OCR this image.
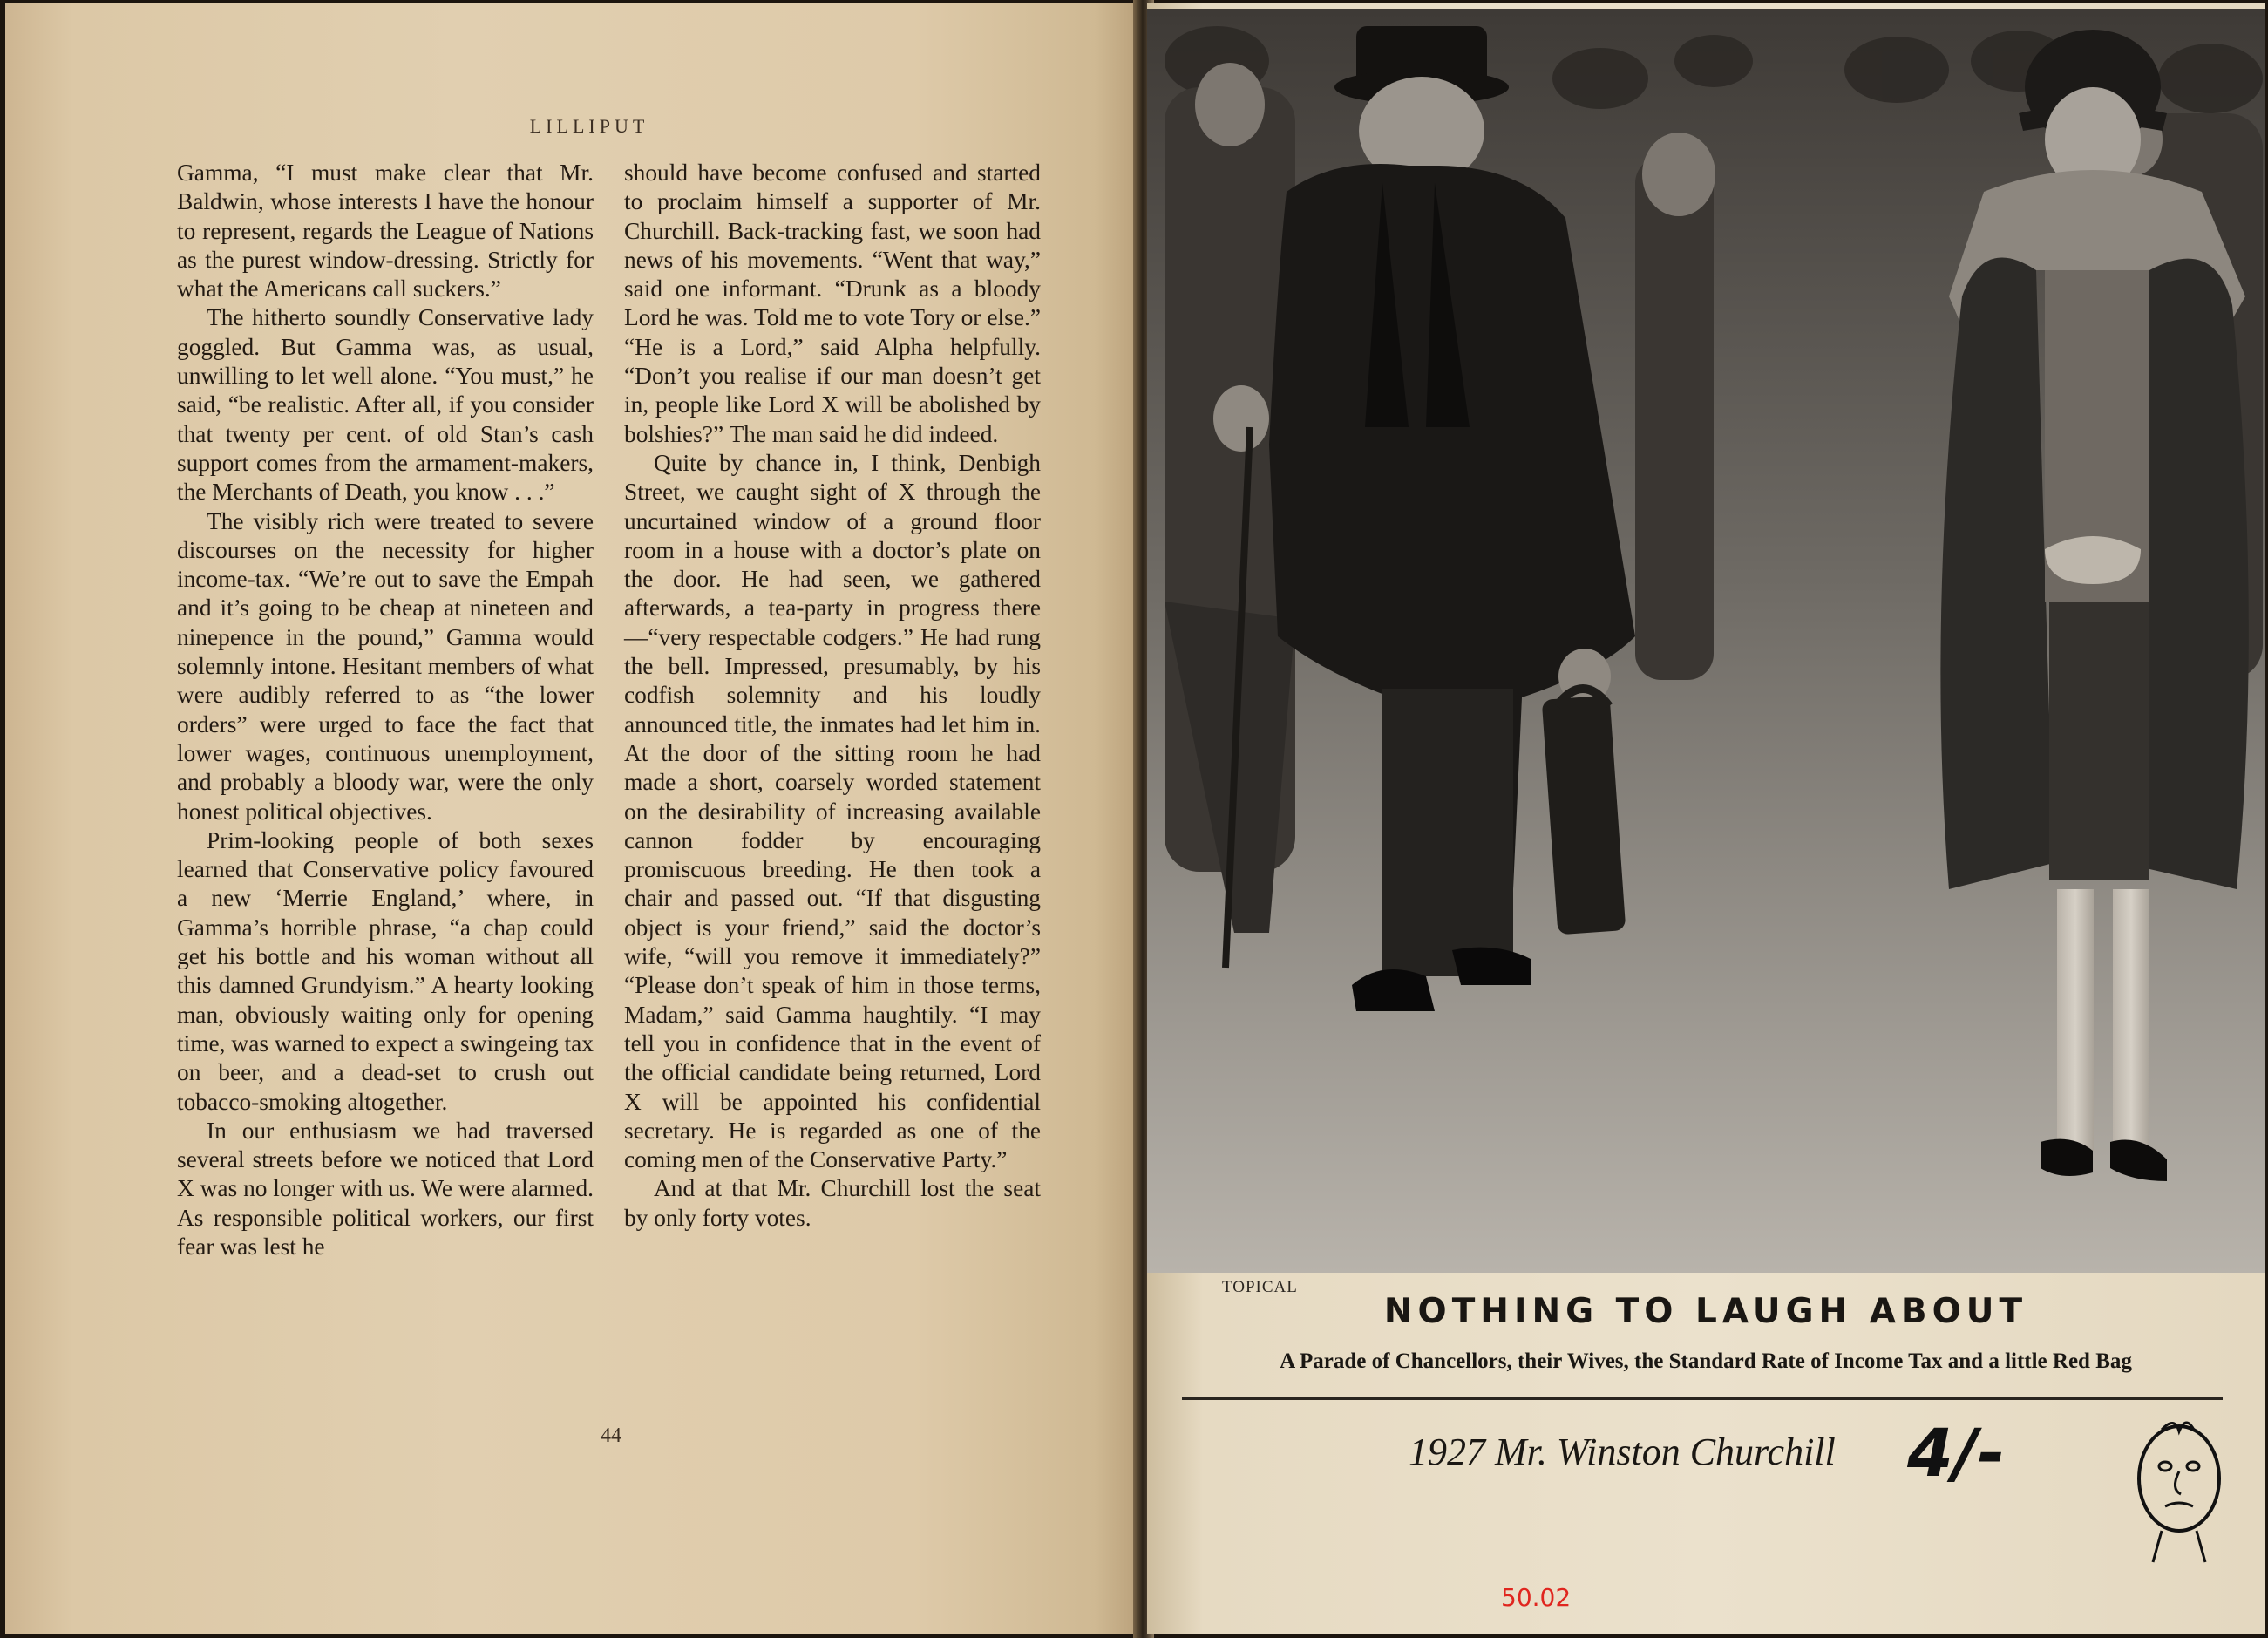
LILLIPUT

Gamma, “I must make clear that Mr. Baldwin, whose interests I have the honour to represent, regards the League of Nations as the purest window-dressing. Strictly for what the Americans call suckers.”

The hitherto soundly Conservative lady goggled. But Gamma was, as usual, unwilling to let well alone. “You must,” he said, “be realistic. After all, if you consider that twenty per cent. of old Stan’s cash support comes from the armament-makers, the Merchants of Death, you know . . .”

The visibly rich were treated to severe discourses on the necessity for higher income-tax. “We’re out to save the Empah and it’s going to be cheap at nineteen and ninepence in the pound,” Gamma would solemnly intone. Hesitant members of what were audibly referred to as “the lower orders” were urged to face the fact that lower wages, continuous unemployment, and probably a bloody war, were the only honest political objectives.

Prim-looking people of both sexes learned that Conservative policy favoured a new ‘Merrie England,’ where, in Gamma’s horrible phrase, “a chap could get his bottle and his woman without all this damned Grundyism.” A hearty looking man, obviously waiting only for opening time, was warned to expect a swingeing tax on beer, and a dead-set to crush out tobacco-smoking altogether.

In our enthusiasm we had traversed several streets before we noticed that Lord X was no longer with us. We were alarmed. As responsible political workers, our first fear was lest he

should have become confused and started to proclaim himself a supporter of Mr. Churchill. Back-tracking fast, we soon had news of his movements. “Went that way,” said one informant. “Drunk as a bloody Lord he was. Told me to vote Tory or else.” “He is a Lord,” said Alpha helpfully. “Don’t you realise if our man doesn’t get in, people like Lord X will be abolished by bolshies?” The man said he did indeed.

Quite by chance in, I think, Denbigh Street, we caught sight of X through the uncurtained window of a ground floor room in a house with a doctor’s plate on the door. He had seen, we gathered afterwards, a tea-party in progress there—“very respectable codgers.” He had rung the bell. Impressed, presumably, by his codfish solemnity and his loudly announced title, the inmates had let him in. At the door of the sitting room he had made a short, coarsely worded statement on the desirability of increasing available cannon fodder by encouraging promiscuous breeding. He then took a chair and passed out. “If that disgusting object is your friend,” said the doctor’s wife, “will you remove it immediately?” “Please don’t speak of him in those terms, Madam,” said Gamma haughtily. “I may tell you in confidence that in the event of the official candidate being returned, Lord X will be appointed his confidential secretary. He is regarded as one of the coming men of the Conservative Party.”

And at that Mr. Churchill lost the seat by only forty votes.

44
TOPICAL
NOTHING TO LAUGH ABOUT
A Parade of Chancellors, their Wives, the Standard Rate of Income Tax and a little Red Bag
1927 Mr. Winston Churchill 4/-
50.02
